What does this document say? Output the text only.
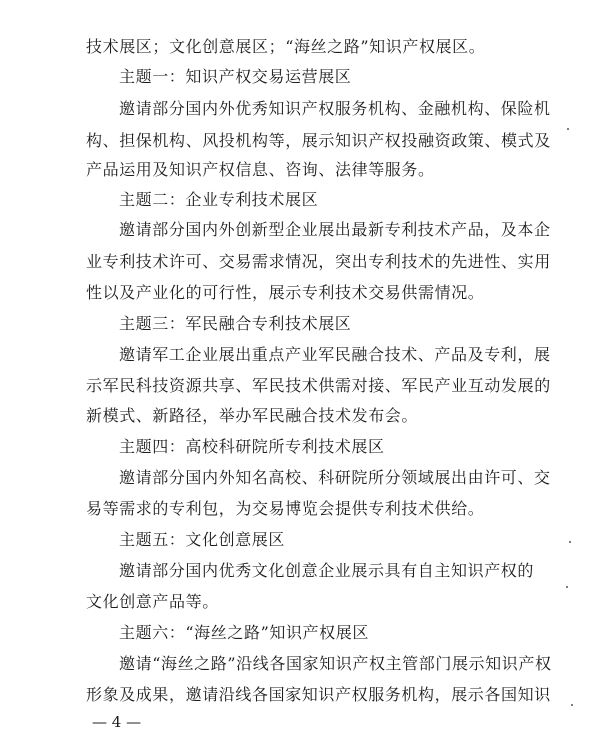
技术展区；文化创意展区；“海丝之路”知识产权展区。
主题一：知识产权交易运营展区
邀请部分国内外优秀知识产权服务机构、金融机构、保险机
构、担保机构、风投机构等，展示知识产权投融资政策、模式及
产品运用及知识产权信息、咨询、法律等服务。
主题二：企业专利技术展区
邀请部分国内外创新型企业展出最新专利技术产品，及本企
业专利技术许可、交易需求情况，突出专利技术的先进性、实用
性以及产业化的可行性，展示专利技术交易供需情况。
主题三：军民融合专利技术展区
邀请军工企业展出重点产业军民融合技术、产品及专利，展
示军民科技资源共享、军民技术供需对接、军民产业互动发展的
新模式、新路径，举办军民融合技术发布会。
主题四：高校科研院所专利技术展区
邀请部分国内外知名高校、科研院所分领域展出由许可、交
易等需求的专利包，为交易博览会提供专利技术供给。
主题五：文化创意展区
邀请部分国内优秀文化创意企业展示具有自主知识产权的
文化创意产品等。
主题六：“海丝之路”知识产权展区
邀请“海丝之路”沿线各国家知识产权主管部门展示知识产权
形象及成果，邀请沿线各国家知识产权服务机构，展示各国知识
— 4 —
